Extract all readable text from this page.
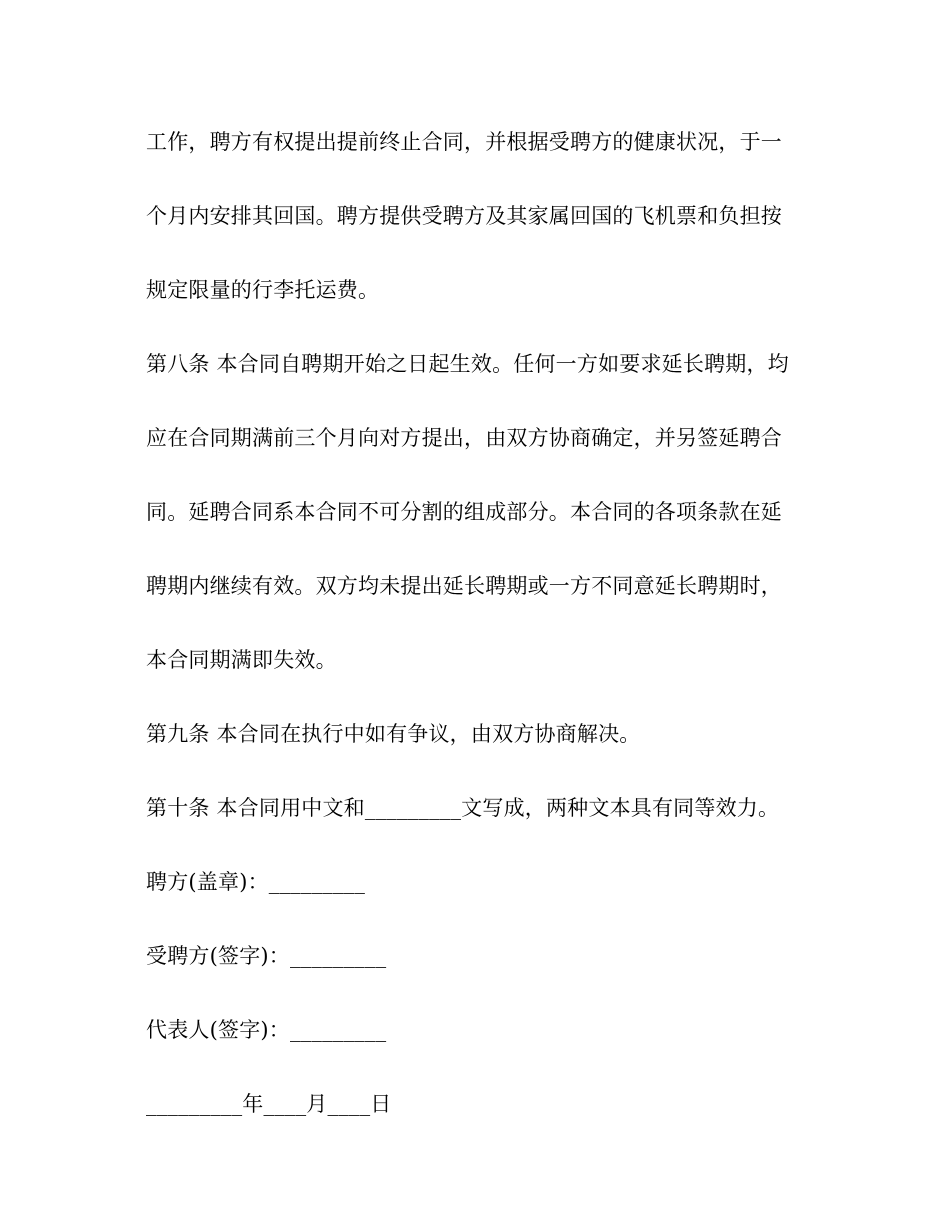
工作，聘方有权提出提前终止合同，并根据受聘方的健康状况，于一
个月内安排其回国。聘方提供受聘方及其家属回国的飞机票和负担按
规定限量的行李托运费。
第八条 本合同自聘期开始之日起生效。任何一方如要求延长聘期，均
应在合同期满前三个月向对方提出，由双方协商确定，并另签延聘合
同。延聘合同系本合同不可分割的组成部分。本合同的各项条款在延
聘期内继续有效。双方均未提出延长聘期或一方不同意延长聘期时，
本合同期满即失效。
第九条 本合同在执行中如有争议，由双方协商解决。
第十条 本合同用中文和_________文写成，两种文本具有同等效力。
聘方(盖章)：_________
受聘方(签字)：_________
代表人(签字)：_________
_________年____月____日
